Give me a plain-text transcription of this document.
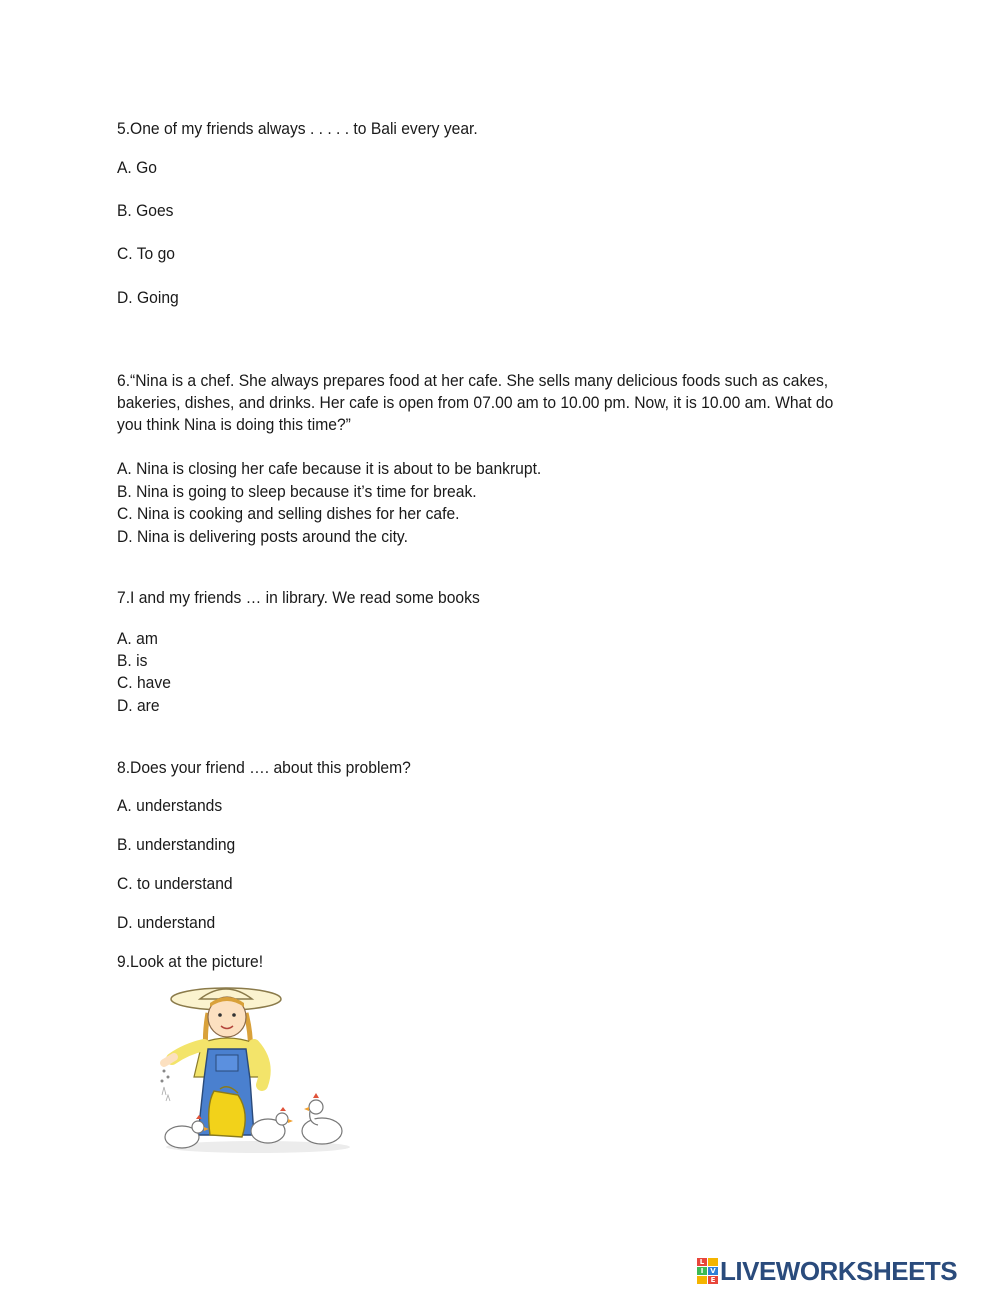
5.One of my friends always . . . . . to Bali every year.

A. Go

B. Goes

C. To go

D. Going

6.“Nina is a chef. She always prepares food at her cafe. She sells many delicious foods such as cakes,
bakeries, dishes, and drinks. Her cafe is open from 07.00 am to 10.00 pm. Now, it is 10.00 am. What do
you think Nina is doing this time?”

A. Nina is closing her cafe because it is about to be bankrupt.

B. Nina is going to sleep because it’s time for break.

C. Nina is cooking and selling dishes for her cafe.

D. Nina is delivering posts around the city.

7.I and my friends … in library. We read some books

A. am

B. is

C. have

D. are

8.Does your friend …. about this problem?

A. understands

B. understanding

C. to understand

D. understand

9.Look at the picture!

L
I V
E LIVEWORKSHEETS
